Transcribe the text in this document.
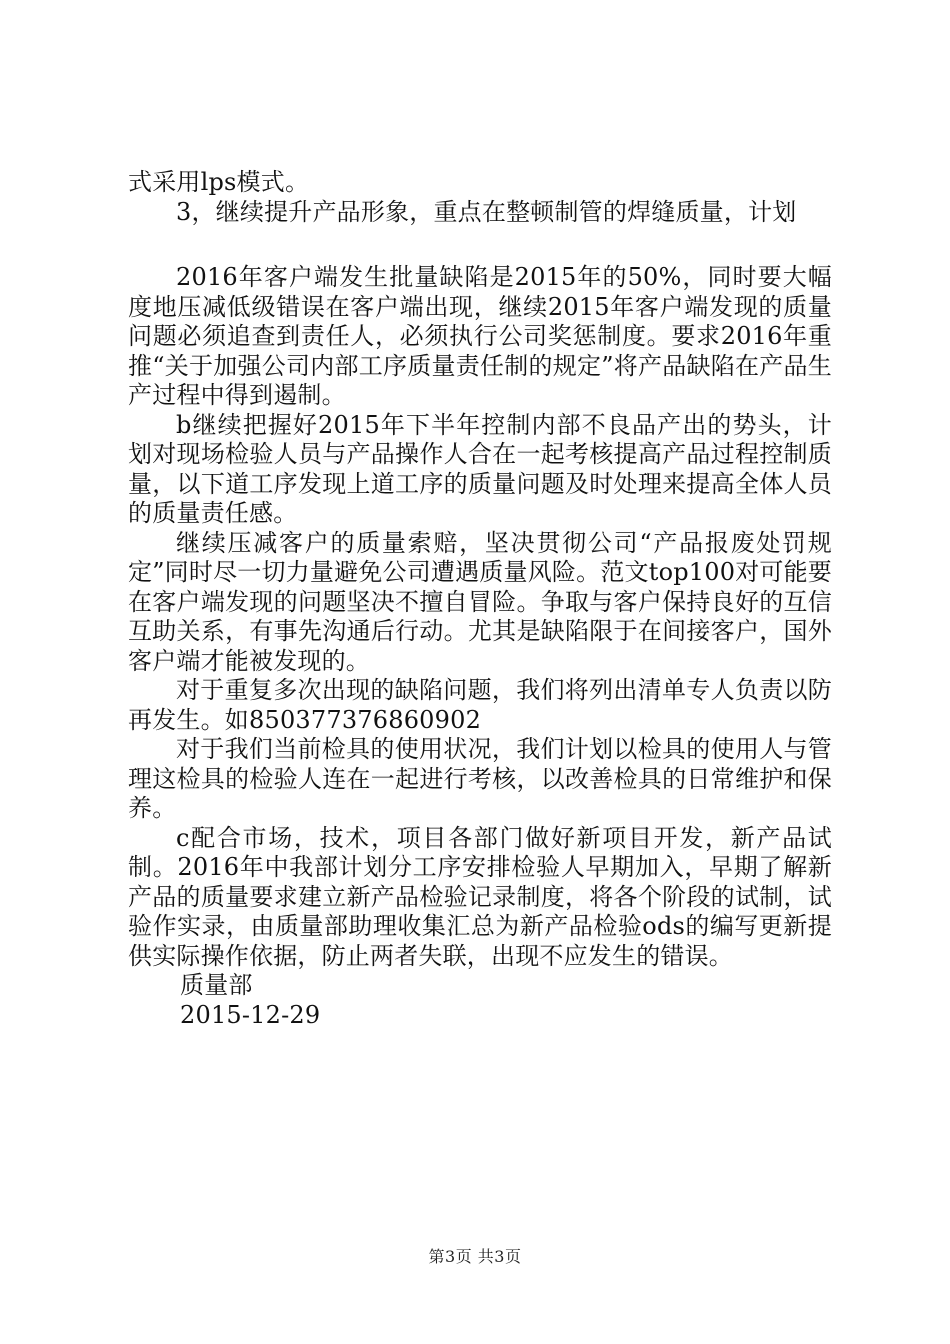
式采用lps模式。

3，继续提升产品形象，重点在整顿制管的焊缝质量，计划

2016年客户端发生批量缺陷是2015年的50%，同时要大幅度地压减低级错误在客户端出现，继续2015年客户端发现的质量问题必须追查到责任人，必须执行公司奖惩制度。要求2016年重推“关于加强公司内部工序质量责任制的规定”将产品缺陷在产品生产过程中得到遏制。

b继续把握好2015年下半年控制内部不良品产出的势头，计划对现场检验人员与产品操作人合在一起考核提高产品过程控制质量，以下道工序发现上道工序的质量问题及时处理来提高全体人员的质量责任感。

继续压减客户的质量索赔，坚决贯彻公司“产品报废处罚规定”同时尽一切力量避免公司遭遇质量风险。范文top100对可能要在客户端发现的问题坚决不擅自冒险。争取与客户保持良好的互信互助关系，有事先沟通后行动。尤其是缺陷限于在间接客户，国外客户端才能被发现的。

对于重复多次出现的缺陷问题，我们将列出清单专人负责以防再发生。如850377376860902

对于我们当前检具的使用状况，我们计划以检具的使用人与管理这检具的检验人连在一起进行考核，以改善检具的日常维护和保养。

c配合市场，技术，项目各部门做好新项目开发，新产品试制。2016年中我部计划分工序安排检验人早期加入，早期了解新产品的质量要求建立新产品检验记录制度，将各个阶段的试制，试验作实录，由质量部助理收集汇总为新产品检验ods的编写更新提供实际操作依据，防止两者失联，出现不应发生的错误。

质量部

2015-12-29

第3页 共3页
